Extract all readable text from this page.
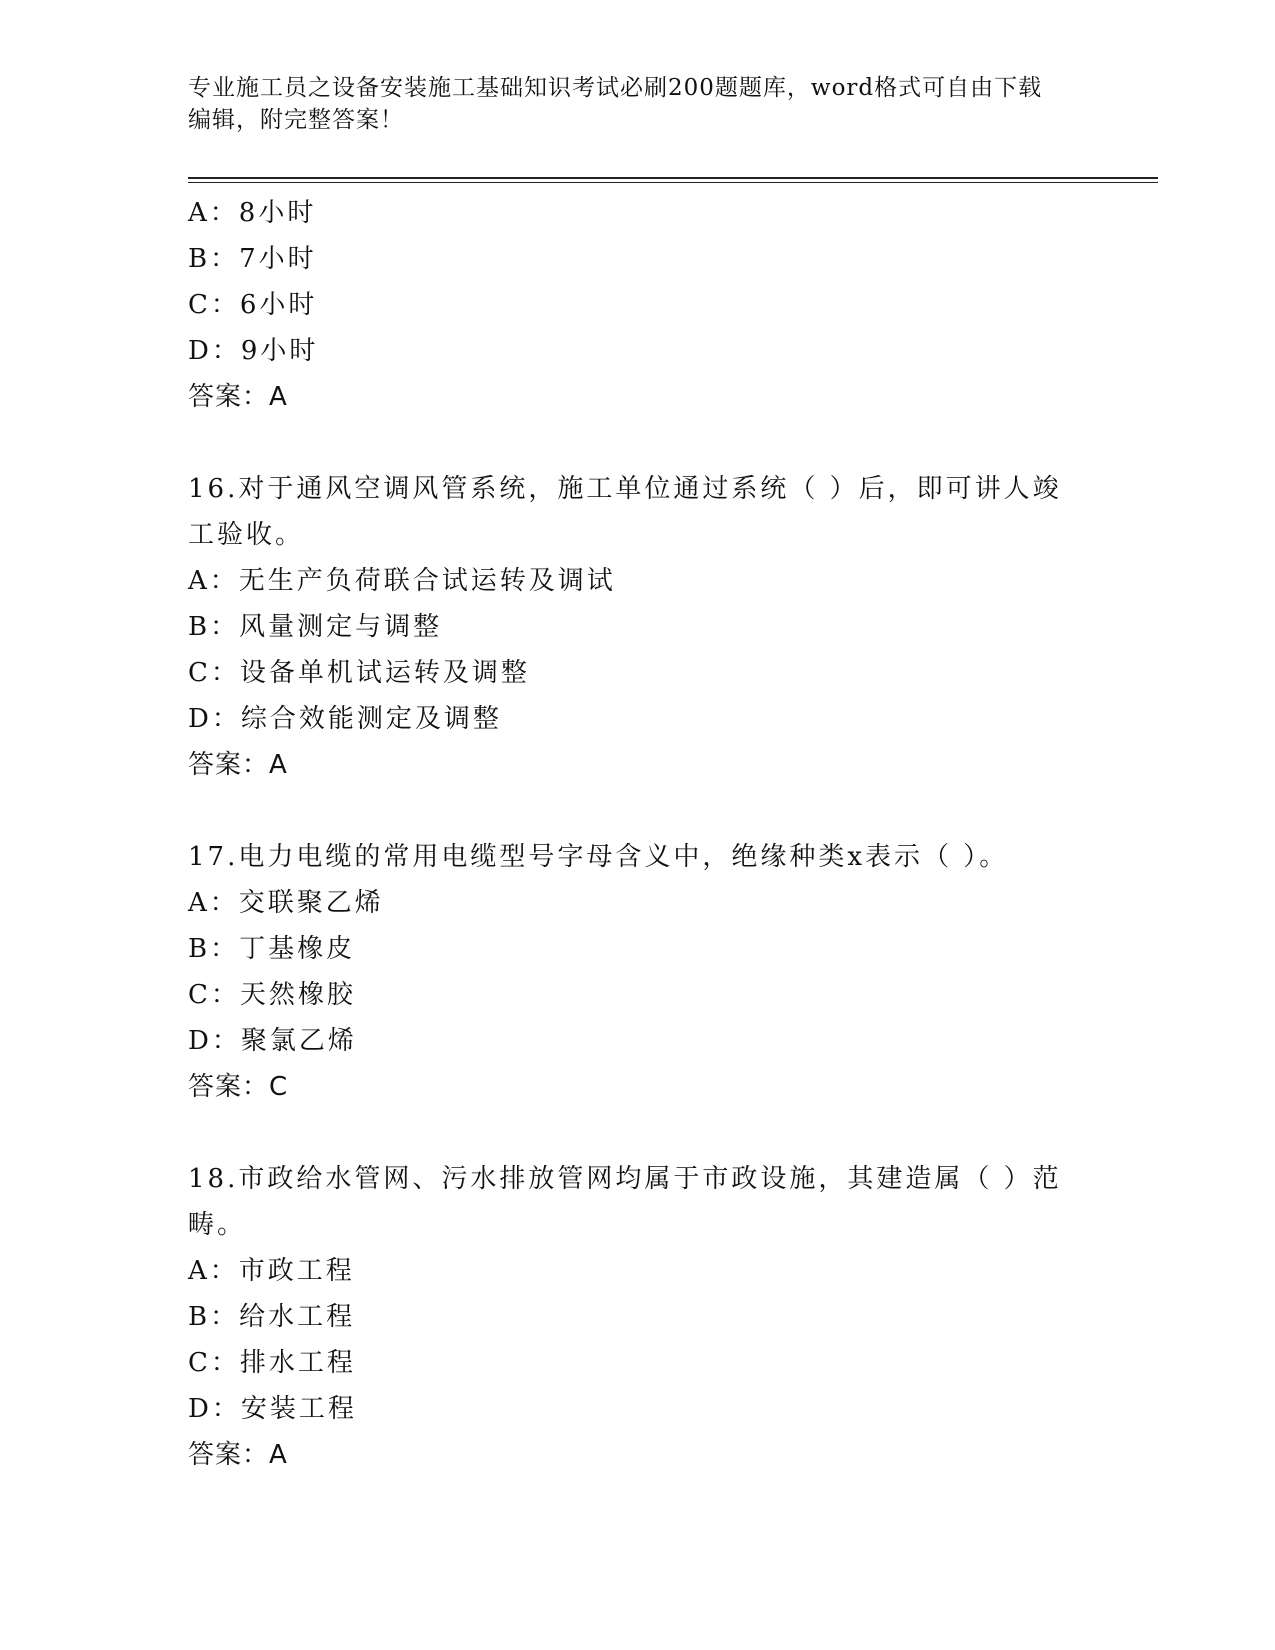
专业施工员之设备安装施工基础知识考试必刷200题题库，word格式可自由下载
编辑，附完整答案！
A：8小时
B：7小时
C：6小时
D：9小时
答案：A
16.对于通风空调风管系统，施工单位通过系统（ ）后，即可讲人竣工验收。
A：无生产负荷联合试运转及调试
B：风量测定与调整
C：设备单机试运转及调整
D：综合效能测定及调整
答案：A
17.电力电缆的常用电缆型号字母含义中，绝缘种类x表示（ ）。
A：交联聚乙烯
B：丁基橡皮
C：天然橡胶
D：聚氯乙烯
答案：C
18.市政给水管网、污水排放管网均属于市政设施，其建造属（ ）范畴。
A：市政工程
B：给水工程
C：排水工程
D：安装工程
答案：A
